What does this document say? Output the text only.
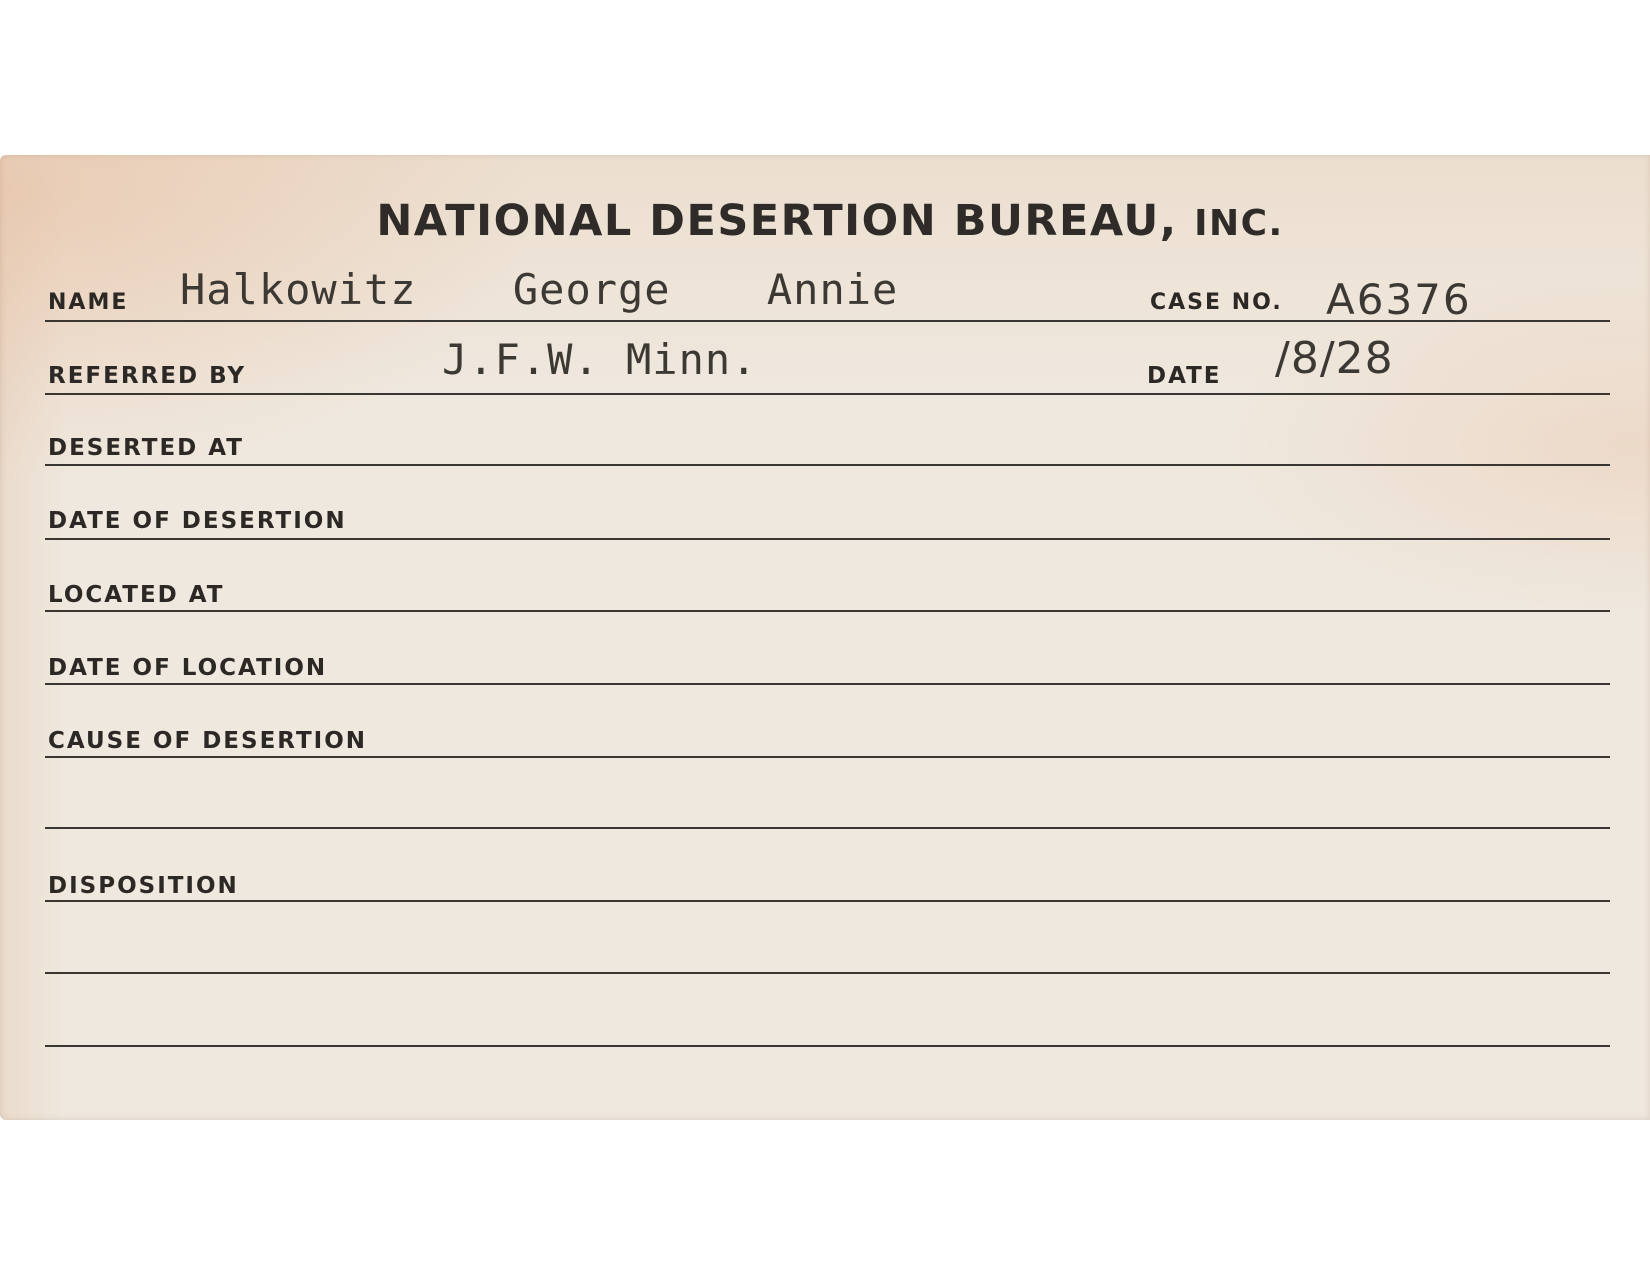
NATIONAL DESERTION BUREAU, INC.
NAME Halkowitz George Annie	CASE NO. A6376
REFERRED BY	J.F.W. Minn.	DATE /8/28
DESERTED AT
DATE OF DESERTION
LOCATED AT
DATE OF LOCATION
CAUSE OF DESERTION
DISPOSITION
